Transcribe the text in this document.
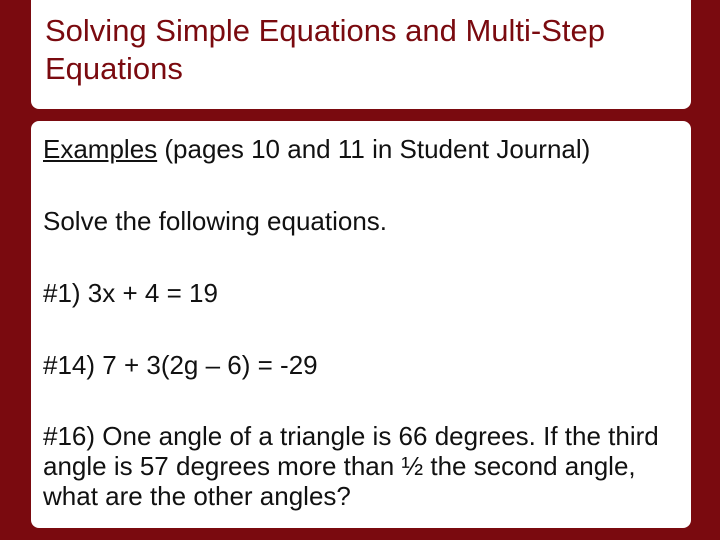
Solving Simple Equations and Multi-Step Equations

Examples (pages 10 and 11 in Student Journal)

Solve the following equations.

#1) 3x + 4 = 19

#14) 7 + 3(2g – 6) = -29

#16) One angle of a triangle is 66 degrees. If the third angle is 57 degrees more than ½ the second angle, what are the other angles?
